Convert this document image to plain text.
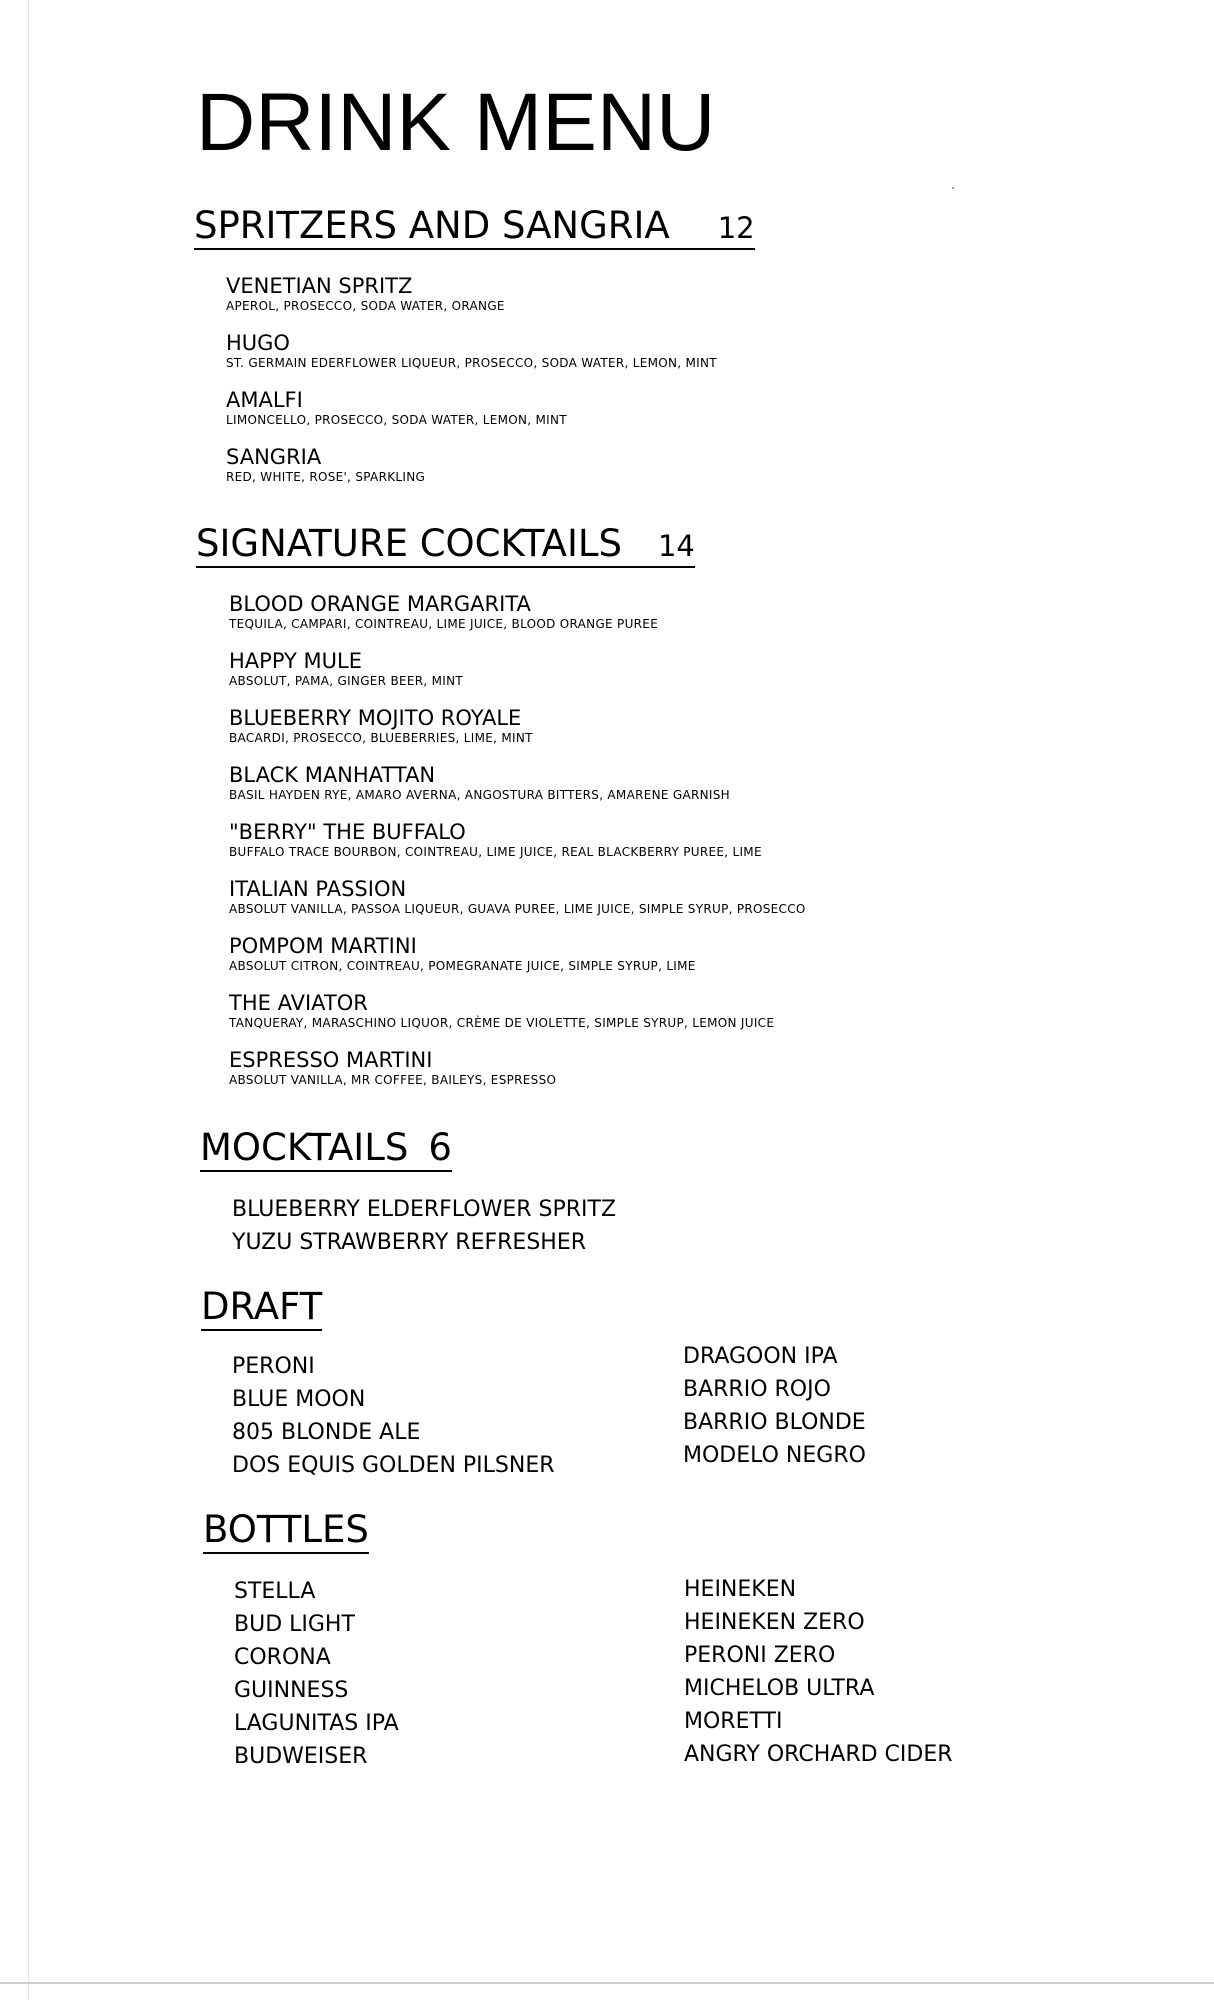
DRINK MENU
SPRITZERS AND SANGRIA 12
VENETIAN SPRITZ
APEROL, PROSECCO, SODA WATER, ORANGE
HUGO
ST. GERMAIN EDERFLOWER LIQUEUR, PROSECCO, SODA WATER, LEMON, MINT
AMALFI
LIMONCELLO, PROSECCO, SODA WATER, LEMON, MINT
SANGRIA
RED, WHITE, ROSE', SPARKLING
SIGNATURE COCKTAILS 14
BLOOD ORANGE MARGARITA
TEQUILA, CAMPARI, COINTREAU, LIME JUICE, BLOOD ORANGE PUREE
HAPPY MULE
ABSOLUT, PAMA, GINGER BEER, MINT
BLUEBERRY MOJITO ROYALE
BACARDI, PROSECCO, BLUEBERRIES, LIME, MINT
BLACK MANHATTAN
BASIL HAYDEN RYE, AMARO AVERNA, ANGOSTURA BITTERS, AMARENE GARNISH
"BERRY" THE BUFFALO
BUFFALO TRACE BOURBON, COINTREAU, LIME JUICE, REAL BLACKBERRY PUREE, LIME
ITALIAN PASSION
ABSOLUT VANILLA, PASSOA LIQUEUR, GUAVA PUREE, LIME JUICE, SIMPLE SYRUP, PROSECCO
POMPOM MARTINI
ABSOLUT CITRON, COINTREAU, POMEGRANATE JUICE, SIMPLE SYRUP, LIME
THE AVIATOR
TANQUERAY, MARASCHINO LIQUOR, CRÈME DE VIOLETTE, SIMPLE SYRUP, LEMON JUICE
ESPRESSO MARTINI
ABSOLUT VANILLA, MR COFFEE, BAILEYS, ESPRESSO
MOCKTAILS 6
BLUEBERRY ELDERFLOWER SPRITZ
YUZU STRAWBERRY REFRESHER
DRAFT
PERONI
BLUE MOON
805 BLONDE ALE
DOS EQUIS GOLDEN PILSNER
DRAGOON IPA
BARRIO ROJO
BARRIO BLONDE
MODELO NEGRO
BOTTLES
STELLA
BUD LIGHT
CORONA
GUINNESS
LAGUNITAS IPA
BUDWEISER
HEINEKEN
HEINEKEN ZERO
PERONI ZERO
MICHELOB ULTRA
MORETTI
ANGRY ORCHARD CIDER
